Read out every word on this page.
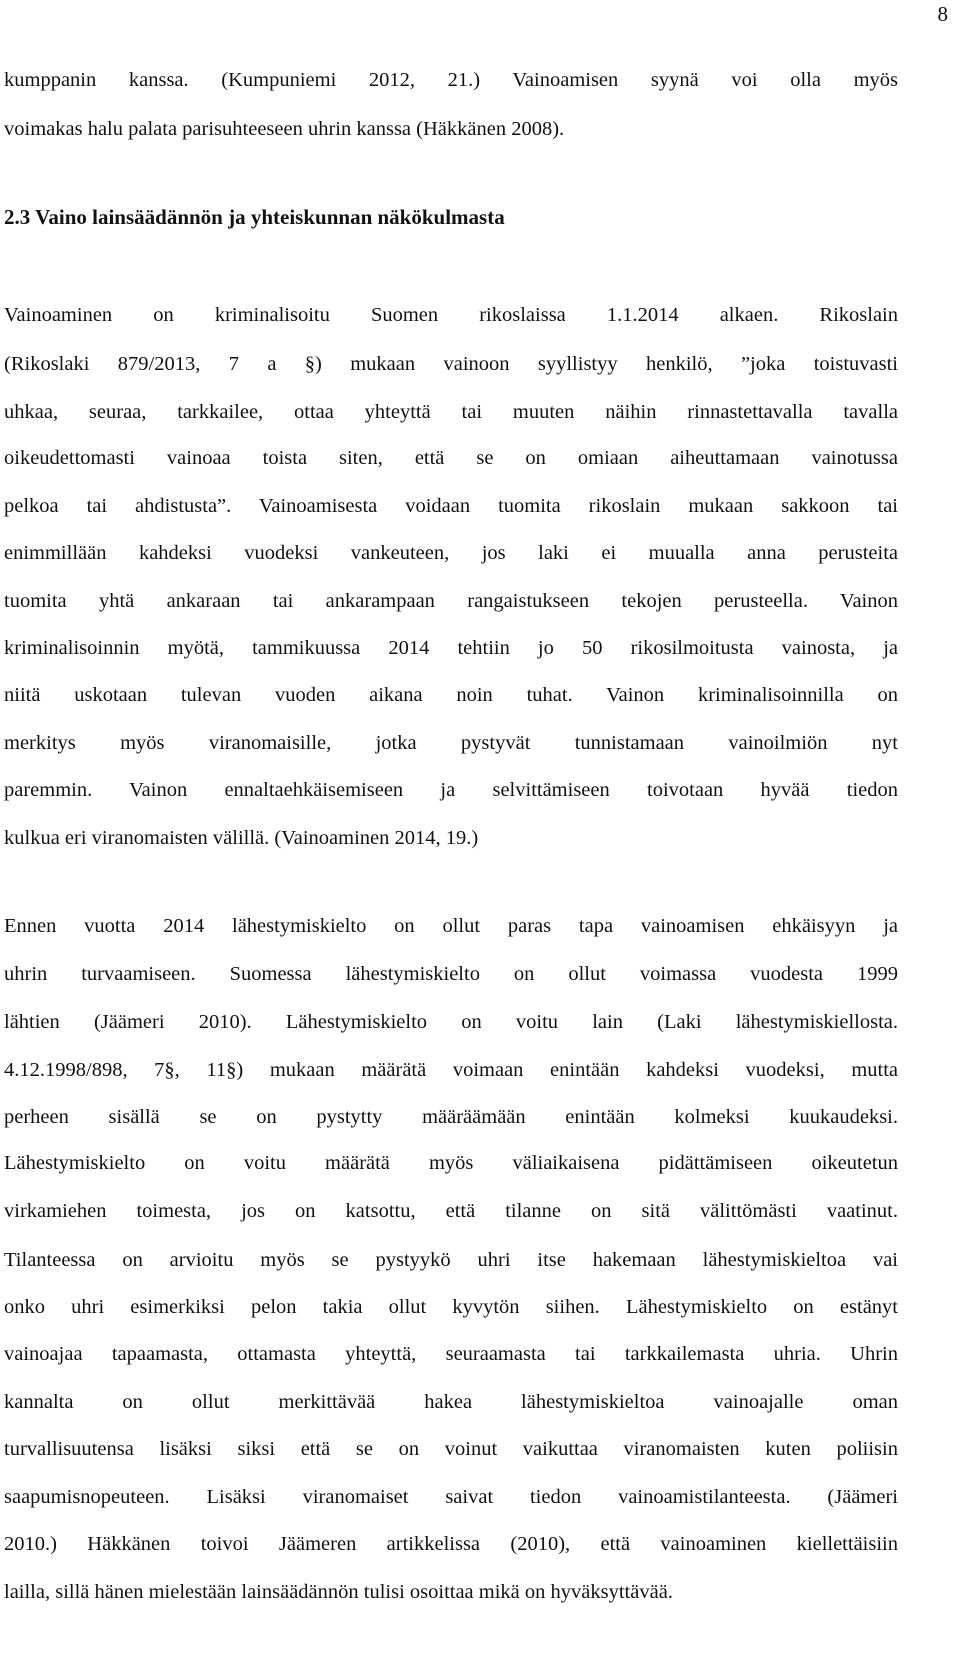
8
kumppanin kanssa. (Kumpuniemi 2012, 21.) Vainoamisen syynä voi olla myös
voimakas halu palata parisuhteeseen uhrin kanssa (Häkkänen 2008).
2.3 Vaino lainsäädännön ja yhteiskunnan näkökulmasta
Vainoaminen on kriminalisoitu Suomen rikoslaissa 1.1.2014 alkaen. Rikoslain
(Rikoslaki 879/2013, 7 a §) mukaan vainoon syyllistyy henkilö, ”joka toistuvasti
uhkaa, seuraa, tarkkailee, ottaa yhteyttä tai muuten näihin rinnastettavalla tavalla
oikeudettomasti vainoaa toista siten, että se on omiaan aiheuttamaan vainotussa
pelkoa tai ahdistusta”. Vainoamisesta voidaan tuomita rikoslain mukaan sakkoon tai
enimmillään kahdeksi vuodeksi vankeuteen, jos laki ei muualla anna perusteita
tuomita yhtä ankaraan tai ankarampaan rangaistukseen tekojen perusteella. Vainon
kriminalisoinnin myötä, tammikuussa 2014 tehtiin jo 50 rikosilmoitusta vainosta, ja
niitä uskotaan tulevan vuoden aikana noin tuhat. Vainon kriminalisoinnilla on
merkitys myös viranomaisille, jotka pystyvät tunnistamaan vainoilmiön nyt
paremmin. Vainon ennaltaehkäisemiseen ja selvittämiseen toivotaan hyvää tiedon
kulkua eri viranomaisten välillä. (Vainoaminen 2014, 19.)
Ennen vuotta 2014 lähestymiskielto on ollut paras tapa vainoamisen ehkäisyyn ja
uhrin turvaamiseen. Suomessa lähestymiskielto on ollut voimassa vuodesta 1999
lähtien (Jäämeri 2010). Lähestymiskielto on voitu lain (Laki lähestymiskiellosta.
4.12.1998/898, 7§, 11§) mukaan määrätä voimaan enintään kahdeksi vuodeksi, mutta
perheen sisällä se on pystytty määräämään enintään kolmeksi kuukaudeksi.
Lähestymiskielto on voitu määrätä myös väliaikaisena pidättämiseen oikeutetun
virkamiehen toimesta, jos on katsottu, että tilanne on sitä välittömästi vaatinut.
Tilanteessa on arvioitu myös se pystyykö uhri itse hakemaan lähestymiskieltoa vai
onko uhri esimerkiksi pelon takia ollut kyvytön siihen. Lähestymiskielto on estänyt
vainoajaa tapaamasta, ottamasta yhteyttä, seuraamasta tai tarkkailemasta uhria. Uhrin
kannalta on ollut merkittävää hakea lähestymiskieltoa vainoajalle oman
turvallisuutensa lisäksi siksi että se on voinut vaikuttaa viranomaisten kuten poliisin
saapumisnopeuteen. Lisäksi viranomaiset saivat tiedon vainoamistilanteesta. (Jäämeri
2010.) Häkkänen toivoi Jäämeren artikkelissa (2010), että vainoaminen kiellettäisiin
lailla, sillä hänen mielestään lainsäädännön tulisi osoittaa mikä on hyväksyttävää.
